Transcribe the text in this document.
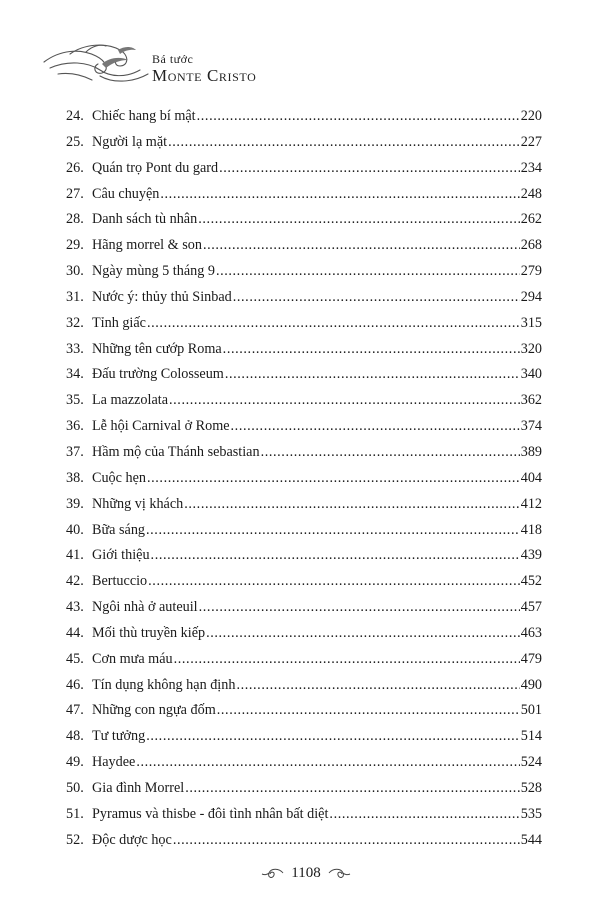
Bá tước
Monte Cristo
24. Chiếc hang bí mật .....	220
25. Người lạ mặt .....	227
26. Quán trọ Pont du gard .....	234
27. Câu chuyện .....	248
28. Danh sách tù nhân .....	262
29. Hãng morrel & son .....	268
30. Ngày mùng 5 tháng 9 .....	279
31. Nước ý: thủy thủ Sinbad .....	294
32. Tỉnh giấc .....	315
33. Những tên cướp Roma .....	320
34. Đấu trường Colosseum .....	340
35. La mazzolata .....	362
36. Lễ hội Carnival ở Rome .....	374
37. Hầm mộ của Thánh sebastian .....	389
38. Cuộc hẹn .....	404
39. Những vị khách .....	412
40. Bữa sáng .....	418
41. Giới thiệu .....	439
42. Bertuccio .....	452
43. Ngôi nhà ở auteuil .....	457
44. Mối thù truyền kiếp .....	463
45. Cơn mưa máu .....	479
46. Tín dụng không hạn định .....	490
47. Những con ngựa đốm .....	501
48. Tư tưởng .....	514
49. Haydee .....	524
50. Gia đình Morrel .....	528
51. Pyramus và thisbe - đôi tình nhân bất diệt .....	535
52. Độc dược học .....	544
1108
